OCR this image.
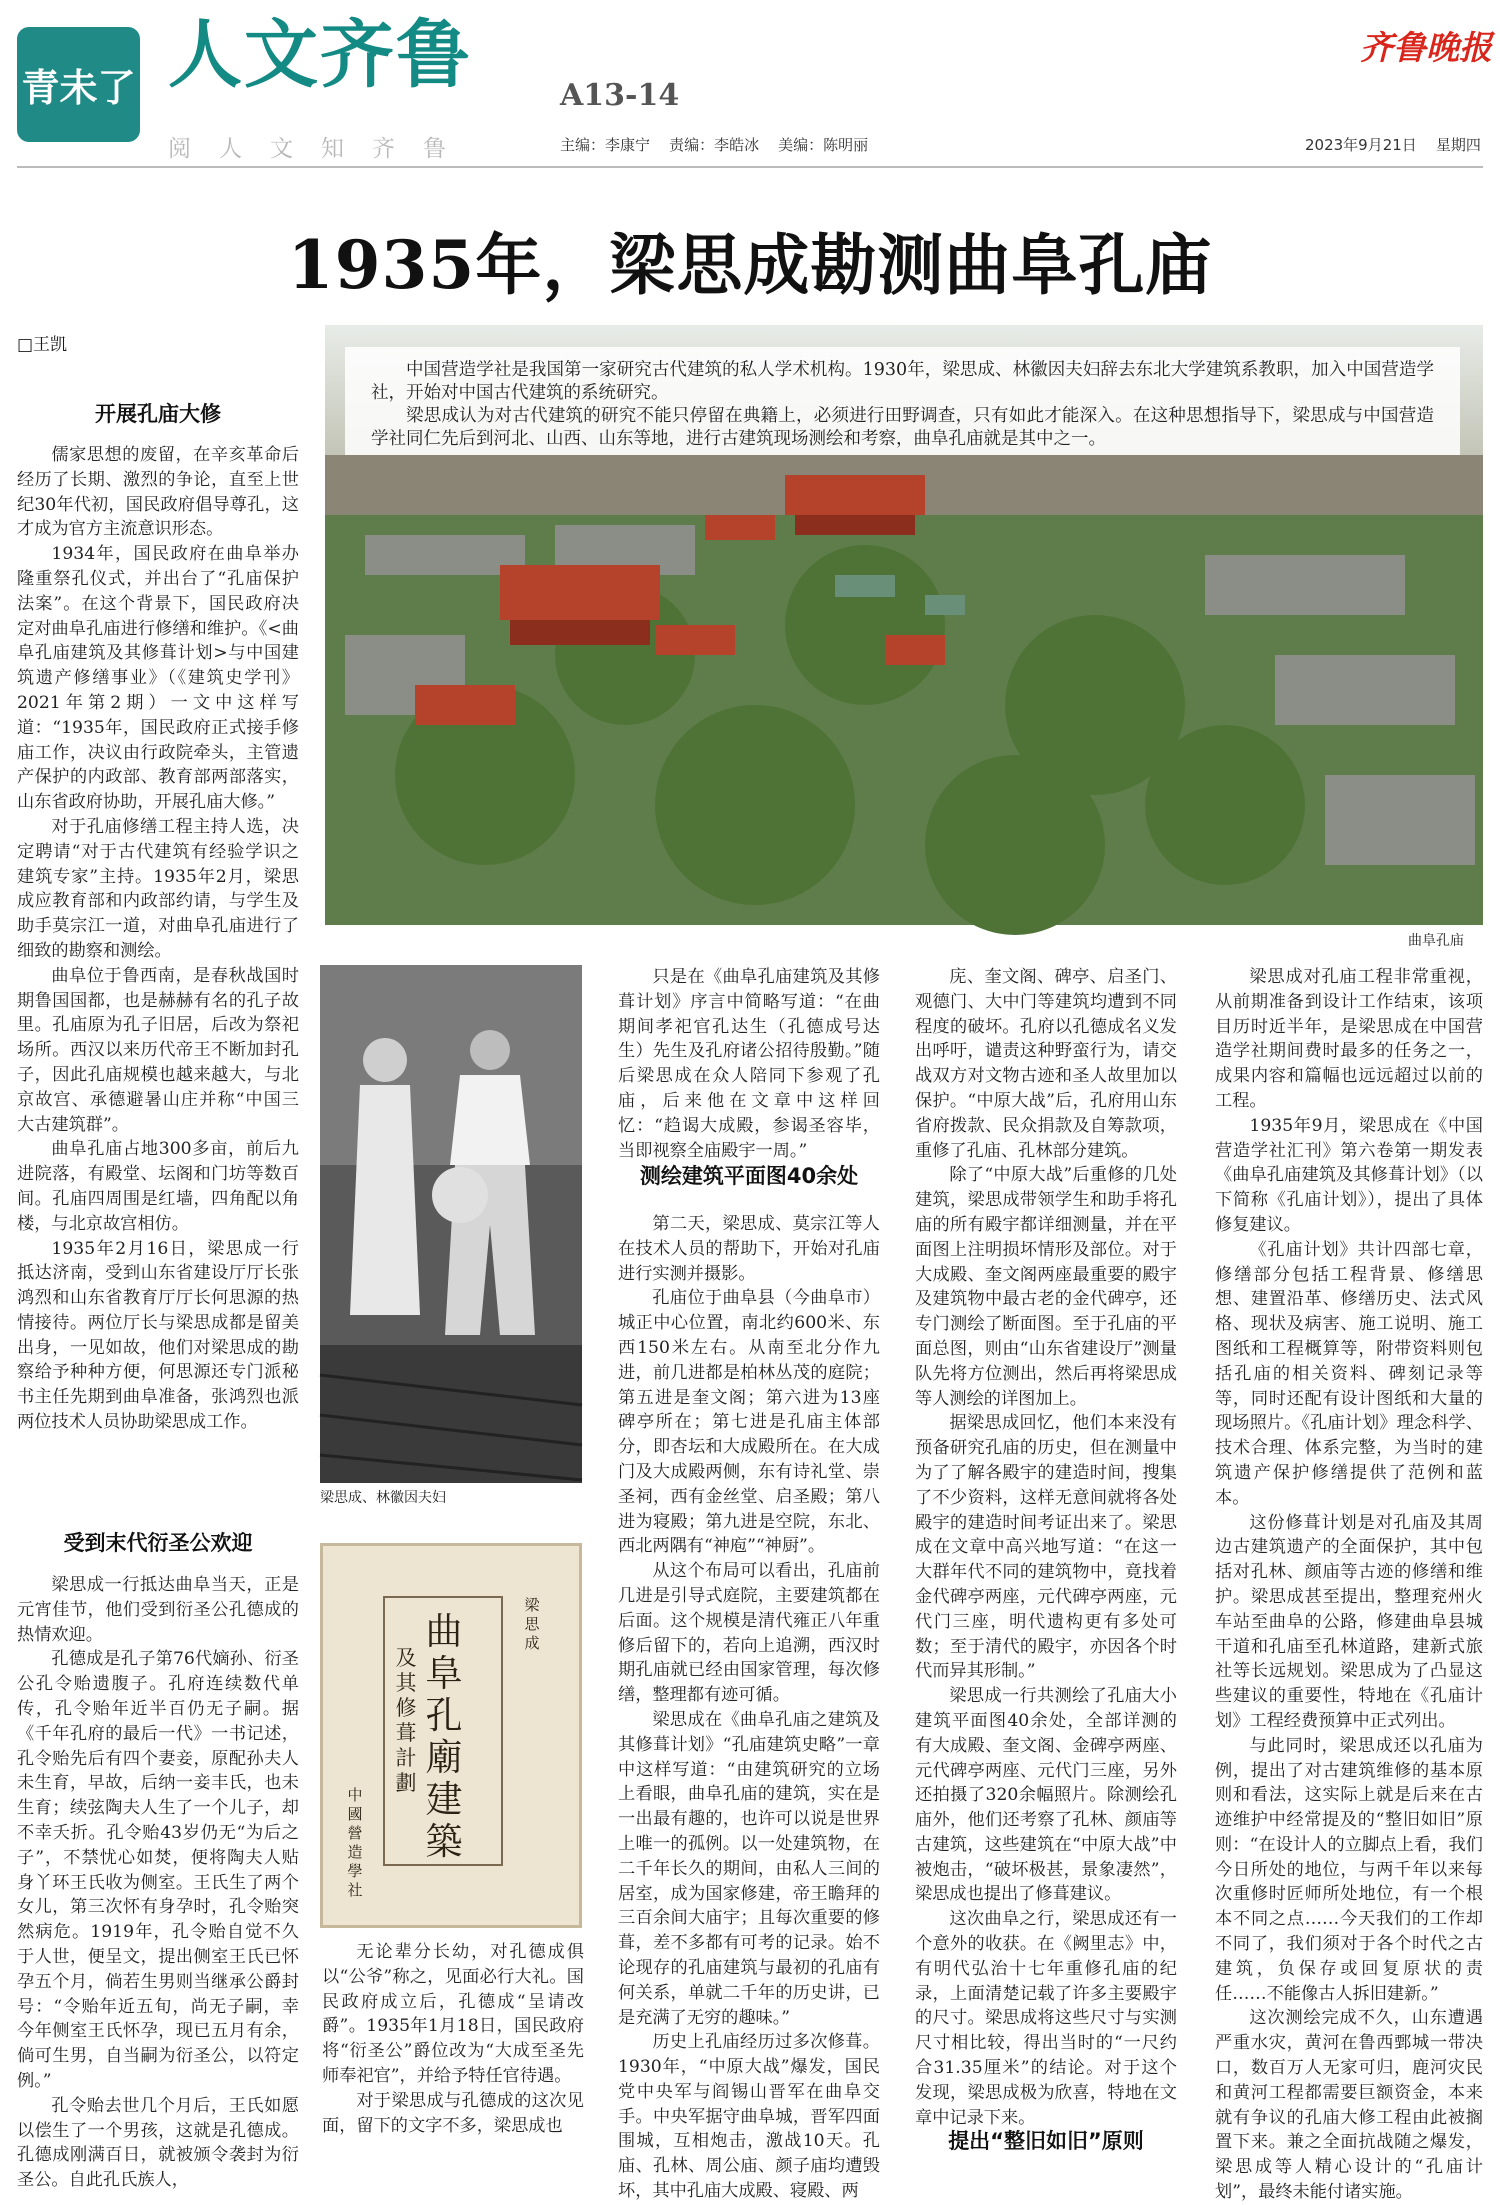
青未了 人文齐鲁	A13-14
齐鲁晚报
阅人文知齐鲁	主编：李康宁    责编：李皓冰    美编：陈明丽	2023年9月21日    星期四
1935年，梁思成勘测曲阜孔庙
□王凯
开展孔庙大修

儒家思想的废留，在辛亥革命后经历了长期、激烈的争论，直至上世纪30年代初，国民政府倡导尊孔，这才成为官方主流意识形态。

1934年，国民政府在曲阜举办隆重祭孔仪式，并出台了“孔庙保护法案”。在这个背景下，国民政府决定对曲阜孔庙进行修缮和维护。《<曲阜孔庙建筑及其修葺计划>与中国建筑遗产修缮事业》（《建筑史学刊》2021年第2期）一文中这样写道：“1935年，国民政府正式接手修庙工作，决议由行政院牵头，主管遗产保护的内政部、教育部两部落实，山东省政府协助，开展孔庙大修。”

对于孔庙修缮工程主持人选，决定聘请“对于古代建筑有经验学识之建筑专家”主持。1935年2月，梁思成应教育部和内政部约请，与学生及助手莫宗江一道，对曲阜孔庙进行了细致的勘察和测绘。

曲阜位于鲁西南，是春秋战国时期鲁国国都，也是赫赫有名的孔子故里。孔庙原为孔子旧居，后改为祭祀场所。西汉以来历代帝王不断加封孔子，因此孔庙规模也越来越大，与北京故宫、承德避暑山庄并称“中国三大古建筑群”。

曲阜孔庙占地300多亩，前后九进院落，有殿堂、坛阁和门坊等数百间。孔庙四周围是红墙，四角配以角楼，与北京故宫相仿。

1935年2月16日，梁思成一行抵达济南，受到山东省建设厅厅长张鸿烈和山东省教育厅厅长何思源的热情接待。两位厅长与梁思成都是留美出身，一见如故，他们对梁思成的勘察给予种种方便，何思源还专门派秘书主任先期到曲阜准备，张鸿烈也派两位技术人员协助梁思成工作。

受到末代衍圣公欢迎

梁思成一行抵达曲阜当天，正是元宵佳节，他们受到衍圣公孔德成的热情欢迎。

孔德成是孔子第76代嫡孙、衍圣公孔令贻遗腹子。孔府连续数代单传，孔令贻年近半百仍无子嗣。据《千年孔府的最后一代》一书记述，孔令贻先后有四个妻妾，原配孙夫人未生育，早故，后纳一妾丰氏，也未生育；续弦陶夫人生了一个儿子，却不幸夭折。孔令贻43岁仍无“为后之子”，不禁忧心如焚，便将陶夫人贴身丫环王氏收为侧室。王氏生了两个女儿，第三次怀有身孕时，孔令贻突然病危。1919年，孔令贻自觉不久于人世，便呈文，提出侧室王氏已怀孕五个月，倘若生男则当继承公爵封号：“令贻年近五旬，尚无子嗣，幸今年侧室王氏怀孕，现已五月有余，倘可生男，自当嗣为衍圣公，以符定例。”

孔令贻去世几个月后，王氏如愿以偿生了一个男孩，这就是孔德成。孔德成刚满百日，就被颁令袭封为衍圣公。自此孔氏族人，

中国营造学社是我国第一家研究古代建筑的私人学术机构。1930年，梁思成、林徽因夫妇辞去东北大学建筑系教职，加入中国营造学社，开始对中国古代建筑的系统研究。

梁思成认为对古代建筑的研究不能只停留在典籍上，必须进行田野调查，只有如此才能深入。在这种思想指导下，梁思成与中国营造学社同仁先后到河北、山西、山东等地，进行古建筑现场测绘和考察，曲阜孔庙就是其中之一。

曲阜孔庙
梁思成、林徽因夫妇
曲阜孔廟建築
及其修葺計劃
梁思成
中國營造學社

无论辈分长幼，对孔德成俱以“公爷”称之，见面必行大礼。国民政府成立后，孔德成“呈请改爵”。1935年1月18日，国民政府将“衍圣公”爵位改为“大成至圣先师奉祀官”，并给予特任官待遇。

对于梁思成与孔德成的这次见面，留下的文字不多，梁思成也

只是在《曲阜孔庙建筑及其修葺计划》序言中简略写道：“在曲期间孝祀官孔达生（孔德成号达生）先生及孔府诸公招待殷勤。”随后梁思成在众人陪同下参观了孔庙，后来他在文章中这样回忆：“趋谒大成殿，参谒圣容毕，当即视察全庙殿宇一周。”

测绘建筑平面图40余处

第二天，梁思成、莫宗江等人在技术人员的帮助下，开始对孔庙进行实测并摄影。

孔庙位于曲阜县（今曲阜市）城正中心位置，南北约600米、东西150米左右。从南至北分作九进，前几进都是柏林丛茂的庭院；第五进是奎文阁；第六进为13座碑亭所在；第七进是孔庙主体部分，即杏坛和大成殿所在。在大成门及大成殿两侧，东有诗礼堂、崇圣祠，西有金丝堂、启圣殿；第八进为寝殿；第九进是空院，东北、西北两隅有“神庖”“神厨”。

从这个布局可以看出，孔庙前几进是引导式庭院，主要建筑都在后面。这个规模是清代雍正八年重修后留下的，若向上追溯，西汉时期孔庙就已经由国家管理，每次修缮，整理都有迹可循。

梁思成在《曲阜孔庙之建筑及其修葺计划》“孔庙建筑史略”一章中这样写道：“由建筑研究的立场上看眼，曲阜孔庙的建筑，实在是一出最有趣的，也许可以说是世界上唯一的孤例。以一处建筑物，在二千年长久的期间，由私人三间的居室，成为国家修建，帝王瞻拜的三百余间大庙宇；且每次重要的修葺，差不多都有可考的记录。始不论现存的孔庙建筑与最初的孔庙有何关系，单就二千年的历史讲，已是充满了无穷的趣味。”

历史上孔庙经历过多次修葺。1930年，“中原大战”爆发，国民党中央军与阎锡山晋军在曲阜交手。中央军据守曲阜城，晋军四面围城，互相炮击，激战10天。孔庙、孔林、周公庙、颜子庙均遭毁坏，其中孔庙大成殿、寝殿、两

庑、奎文阁、碑亭、启圣门、观德门、大中门等建筑均遭到不同程度的破坏。孔府以孔德成名义发出呼吁，谴责这种野蛮行为，请交战双方对文物古迹和圣人故里加以保护。“中原大战”后，孔府用山东省府拨款、民众捐款及自筹款项，重修了孔庙、孔林部分建筑。

除了“中原大战”后重修的几处建筑，梁思成带领学生和助手将孔庙的所有殿宇都详细测量，并在平面图上注明损坏情形及部位。对于大成殿、奎文阁两座最重要的殿宇及建筑物中最古老的金代碑亭，还专门测绘了断面图。至于孔庙的平面总图，则由“山东省建设厅”测量队先将方位测出，然后再将梁思成等人测绘的详图加上。

据梁思成回忆，他们本来没有预备研究孔庙的历史，但在测量中为了了解各殿宇的建造时间，搜集了不少资料，这样无意间就将各处殿宇的建造时间考证出来了。梁思成在文章中高兴地写道：“在这一大群年代不同的建筑物中，竟找着金代碑亭两座，元代碑亭两座，元代门三座，明代遗构更有多处可数；至于清代的殿宇，亦因各个时代而异其形制。”

梁思成一行共测绘了孔庙大小建筑平面图40余处，全部详测的有大成殿、奎文阁、金碑亭两座、元代碑亭两座、元代门三座，另外还拍摄了320余幅照片。除测绘孔庙外，他们还考察了孔林、颜庙等古建筑，这些建筑在“中原大战”中被炮击，“破坏极甚，景象凄然”，梁思成也提出了修葺建议。

这次曲阜之行，梁思成还有一个意外的收获。在《阙里志》中，有明代弘治十七年重修孔庙的纪录，上面清楚记载了许多主要殿宇的尺寸。梁思成将这些尺寸与实测尺寸相比较，得出当时的“一尺约合31.35厘米”的结论。对于这个发现，梁思成极为欣喜，特地在文章中记录下来。

提出“整旧如旧”原则

梁思成对孔庙工程非常重视，从前期准备到设计工作结束，该项目历时近半年，是梁思成在中国营造学社期间费时最多的任务之一，成果内容和篇幅也远远超过以前的工程。

1935年9月，梁思成在《中国营造学社汇刊》第六卷第一期发表《曲阜孔庙建筑及其修葺计划》（以下简称《孔庙计划》），提出了具体修复建议。

《孔庙计划》共计四部七章，修缮部分包括工程背景、修缮思想、建置沿革、修缮历史、法式风格、现状及病害、施工说明、施工图纸和工程概算等，附带资料则包括孔庙的相关资料、碑刻记录等等，同时还配有设计图纸和大量的现场照片。《孔庙计划》理念科学、技术合理、体系完整，为当时的建筑遗产保护修缮提供了范例和蓝本。

这份修葺计划是对孔庙及其周边古建筑遗产的全面保护，其中包括对孔林、颜庙等古迹的修缮和维护。梁思成甚至提出，整理兖州火车站至曲阜的公路，修建曲阜县城干道和孔庙至孔林道路，建新式旅社等长远规划。梁思成为了凸显这些建议的重要性，特地在《孔庙计划》工程经费预算中正式列出。

与此同时，梁思成还以孔庙为例，提出了对古建筑维修的基本原则和看法，这实际上就是后来在古迹维护中经常提及的“整旧如旧”原则：“在设计人的立脚点上看，我们今日所处的地位，与两千年以来每次重修时匠师所处地位，有一个根本不同之点……今天我们的工作却不同了，我们须对于各个时代之古建筑，负保存或回复原状的责任……不能像古人拆旧建新。”

这次测绘完成不久，山东遭遇严重水灾，黄河在鲁西鄄城一带决口，数百万人无家可归，鹿河灾民和黄河工程都需要巨额资金，本来就有争议的孔庙大修工程由此被搁置下来。兼之全面抗战随之爆发，梁思成等人精心设计的“孔庙计划”，最终未能付诸实施。
